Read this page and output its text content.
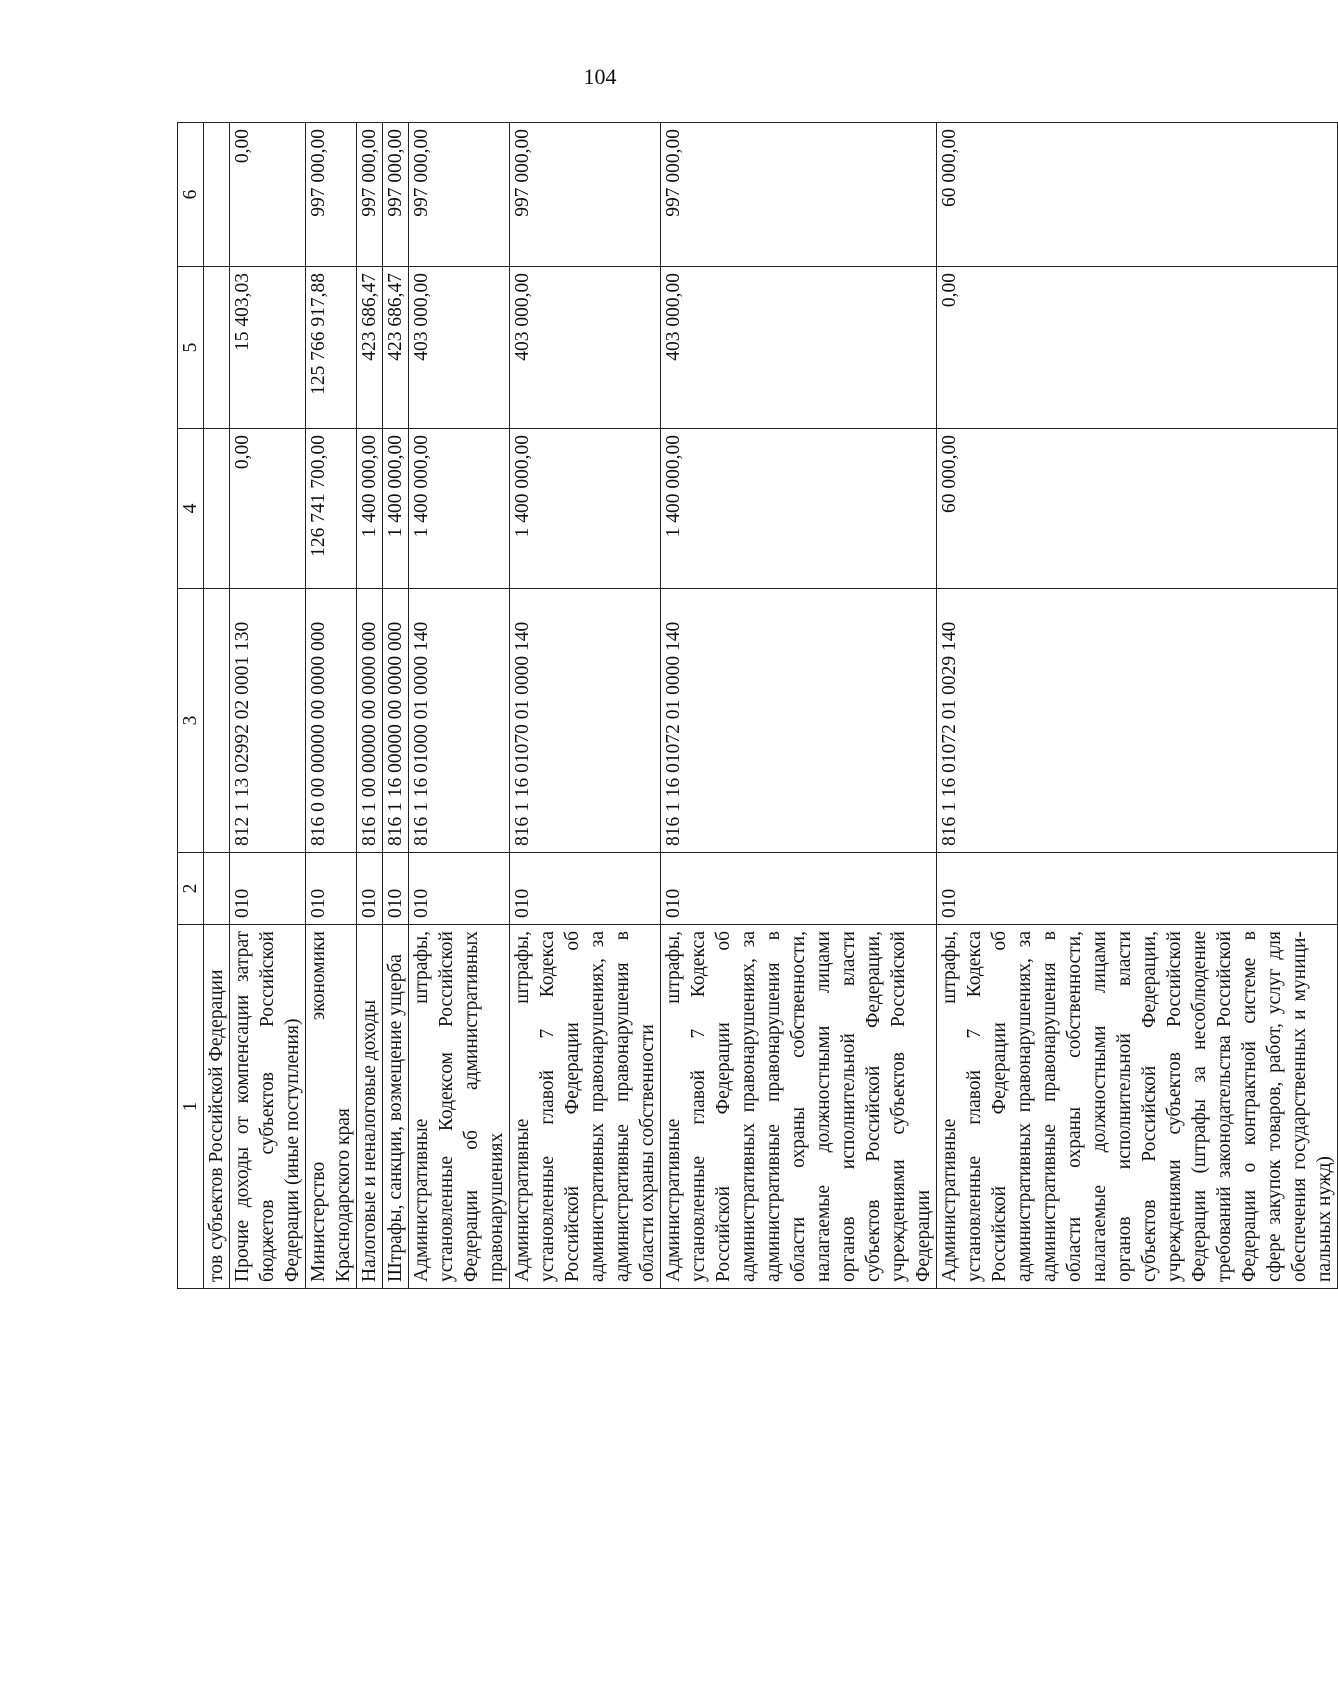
104
1	2	3	4	5	6
тов субъектов Российской Федерации					
Прочие доходы от компенсации затрат бюджетов субъектов Российской Федерации (иные поступления)	010	812 1 13 02992 02 0001 130	0,00	15 403,03	0,00
Министерство экономики Краснодарского края	010	816 0 00 00000 00 0000 000	126 741 700,00	125 766 917,88	997 000,00
Налоговые и неналоговые доходы	010	816 1 00 00000 00 0000 000	1 400 000,00	423 686,47	997 000,00
Штрафы, санкции, возмещение ущерба	010	816 1 16 00000 00 0000 000	1 400 000,00	423 686,47	997 000,00
Административные штрафы, установленные Кодексом Российской Федерации об административных правонарушениях	010	816 1 16 01000 01 0000 140	1 400 000,00	403 000,00	997 000,00
Административные штрафы, установленные главой 7 Кодекса Российской Федерации об административных правонарушениях, за административные правонарушения в области охраны собственности	010	816 1 16 01070 01 0000 140	1 400 000,00	403 000,00	997 000,00
Административные штрафы, установленные главой 7 Кодекса Российской Федерации об административных правонарушениях, за административные правонарушения в области охраны собственности, налагаемые должностными лицами органов исполнительной власти субъектов Российской Федерации, учреждениями субъектов Российской Федерации	010	816 1 16 01072 01 0000 140	1 400 000,00	403 000,00	997 000,00

Административные штрафы, установленные главой 7 Кодекса Российской Федерации об административных правонарушениях, за административные правонарушения в области охраны собственности, налагаемые должностными лицами органов исполнительной власти субъектов Российской Федерации, учреждениями субъектов Российской Федерации (штрафы за несоблюдение требований законодательства Российской Федерации о контрактной системе в сфере закупок товаров, работ, услуг для обеспечения государственных и муниципальных нужд)	010	816 1 16 01072 01 0029 140	60 000,00	0,00	60 000,00
